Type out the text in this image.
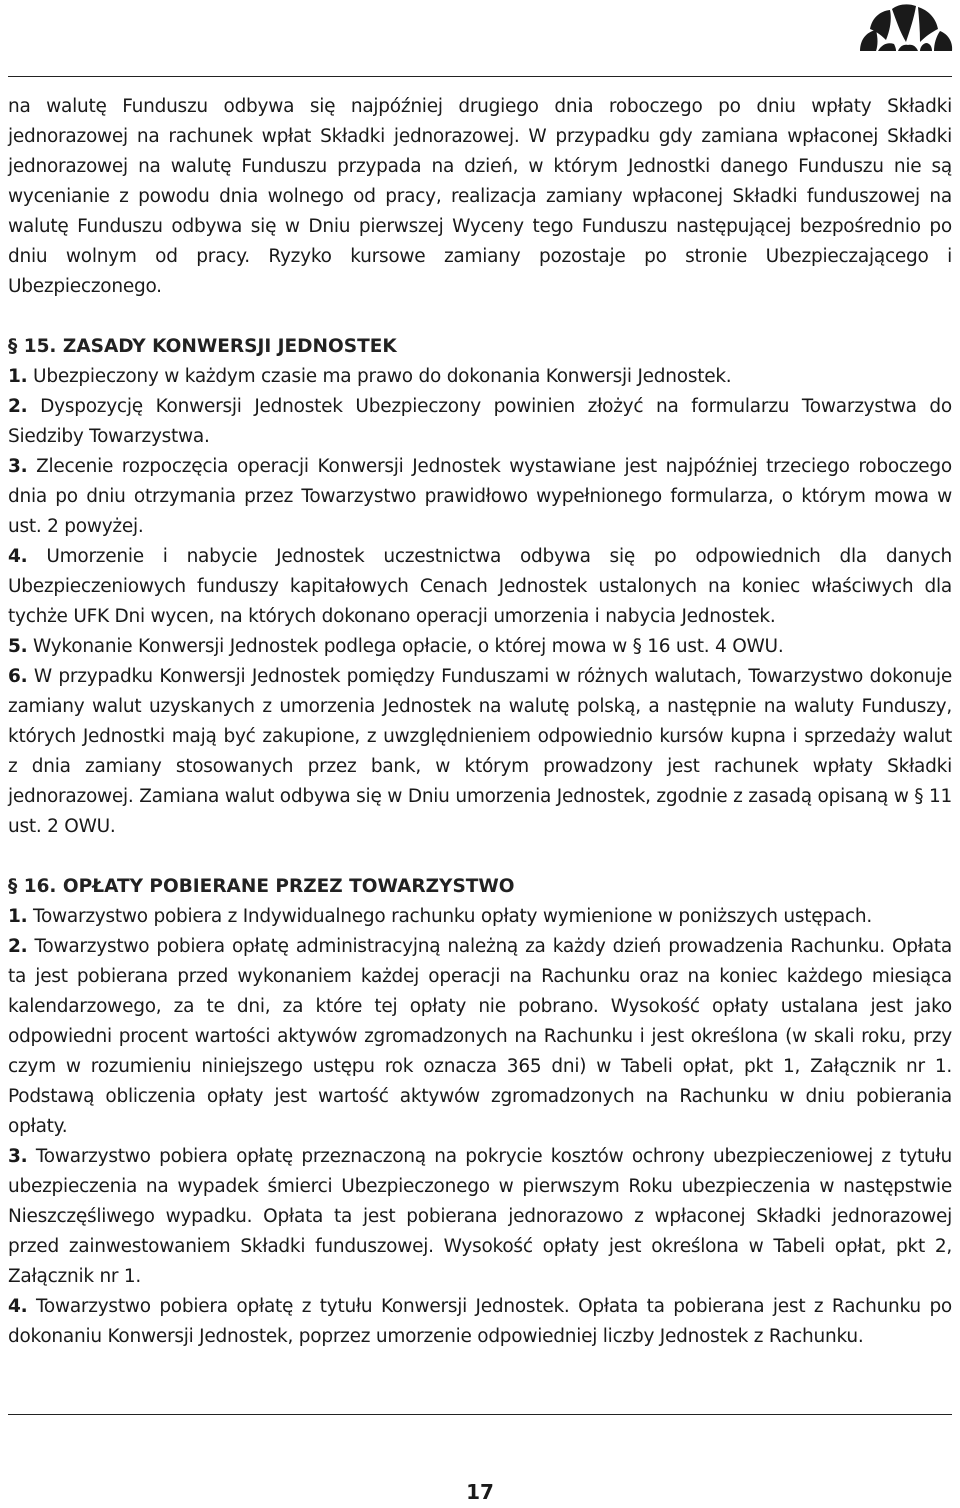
na walutę Funduszu odbywa się najpóźniej drugiego dnia roboczego po dniu wpłaty Składki jednorazowej na rachunek wpłat Składki jednorazowej. W przypadku gdy zamiana wpłaconej Składki jednorazowej na walutę Funduszu przypada na dzień, w którym Jednostki danego Funduszu nie są wycenianie z powodu dnia wolnego od pracy, realizacja zamiany wpłaconej Składki funduszowej na walutę Funduszu odbywa się w Dniu pierwszej Wyceny tego Funduszu następującej bezpośrednio po dniu wolnym od pracy. Ryzyko kursowe zamiany pozostaje po stronie Ubezpieczającego i Ubezpieczonego.

§ 15. ZASADY KONWERSJI JEDNOSTEK

1. Ubezpieczony w każdym czasie ma prawo do dokonania Konwersji Jednostek.

2. Dyspozycję Konwersji Jednostek Ubezpieczony powinien złożyć na formularzu Towarzystwa do Siedziby Towarzystwa.

3. Zlecenie rozpoczęcia operacji Konwersji Jednostek wystawiane jest najpóźniej trzeciego roboczego dnia po dniu otrzymania przez Towarzystwo prawidłowo wypełnionego formularza, o którym mowa w ust. 2 powyżej.

4. Umorzenie i nabycie Jednostek uczestnictwa odbywa się po odpowiednich dla danych Ubezpieczeniowych funduszy kapitałowych Cenach Jednostek ustalonych na koniec właściwych dla tychże UFK Dni wycen, na których dokonano operacji umorzenia i nabycia Jednostek.

5. Wykonanie Konwersji Jednostek podlega opłacie, o której mowa w § 16 ust. 4 OWU.

6. W przypadku Konwersji Jednostek pomiędzy Funduszami w różnych walutach, Towarzystwo dokonuje zamiany walut uzyskanych z umorzenia Jednostek na walutę polską, a następnie na waluty Funduszy, których Jednostki mają być zakupione, z uwzględnieniem odpowiednio kursów kupna i sprzedaży walut z dnia zamiany stosowanych przez bank, w którym prowadzony jest rachunek wpłaty Składki jednorazowej. Zamiana walut odbywa się w Dniu umorzenia Jednostek, zgodnie z zasadą opisaną w § 11 ust. 2 OWU.

§ 16. OPŁATY POBIERANE PRZEZ TOWARZYSTWO

1. Towarzystwo pobiera z Indywidualnego rachunku opłaty wymienione w poniższych ustępach.

2. Towarzystwo pobiera opłatę administracyjną należną za każdy dzień prowadzenia Rachunku. Opłata ta jest pobierana przed wykonaniem każdej operacji na Rachunku oraz na koniec każdego miesiąca kalendarzowego, za te dni, za które tej opłaty nie pobrano. Wysokość opłaty ustalana jest jako odpowiedni procent wartości aktywów zgromadzonych na Rachunku i jest określona (w skali roku, przy czym w rozumieniu niniejszego ustępu rok oznacza 365 dni) w Tabeli opłat, pkt 1, Załącznik nr 1. Podstawą obliczenia opłaty jest wartość aktywów zgromadzonych na Rachunku w dniu pobierania opłaty.

3. Towarzystwo pobiera opłatę przeznaczoną na pokrycie kosztów ochrony ubezpieczeniowej z tytułu ubezpieczenia na wypadek śmierci Ubezpieczonego w pierwszym Roku ubezpieczenia w następstwie Nieszczęśliwego wypadku. Opłata ta jest pobierana jednorazowo z wpłaconej Składki jednorazowej przed zainwestowaniem Składki funduszowej. Wysokość opłaty jest określona w Tabeli opłat, pkt 2, Załącznik nr 1.

4. Towarzystwo pobiera opłatę z tytułu Konwersji Jednostek. Opłata ta pobierana jest z Rachunku po dokonaniu Konwersji Jednostek, poprzez umorzenie odpowiedniej liczby Jednostek z Rachunku.

17
